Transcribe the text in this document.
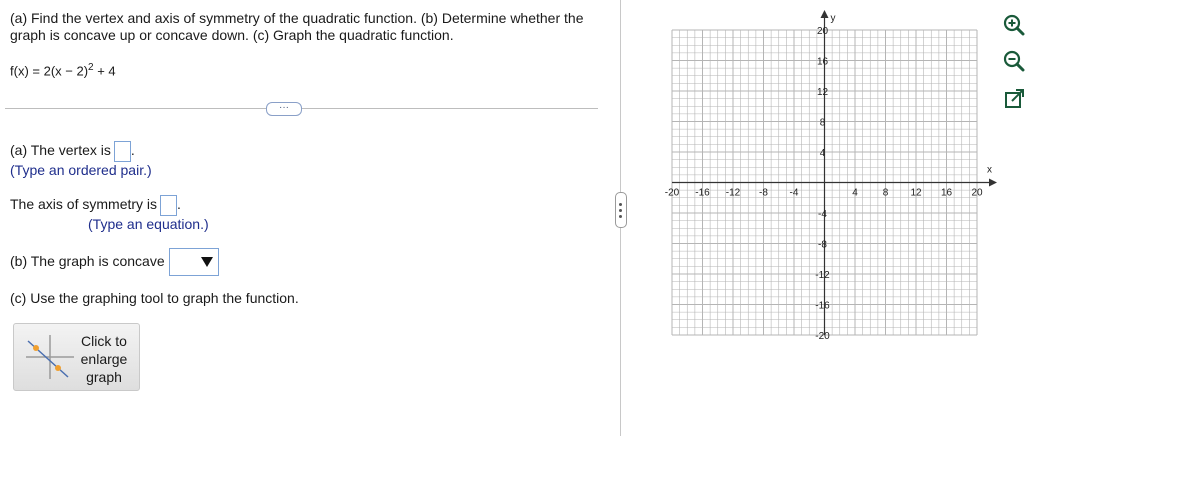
(a) Find the vertex and axis of symmetry of the quadratic function. (b) Determine whether the graph is concave up or concave down. (c) Graph the quadratic function.
$f(x) = 2(x - 2)^2 + 4$
···
(a) The vertex is .
(Type an ordered pair.)
The axis of symmetry is .
(Type an equation.)
(b) The graph is concave
(c) Use the graphing tool to graph the function.
Click to
enlarge
graph
x
y
-20 -16 -12 -8 -4	4 8 12 16 20
20
16
12
8
4
-4
-8
-12
-16
-20
